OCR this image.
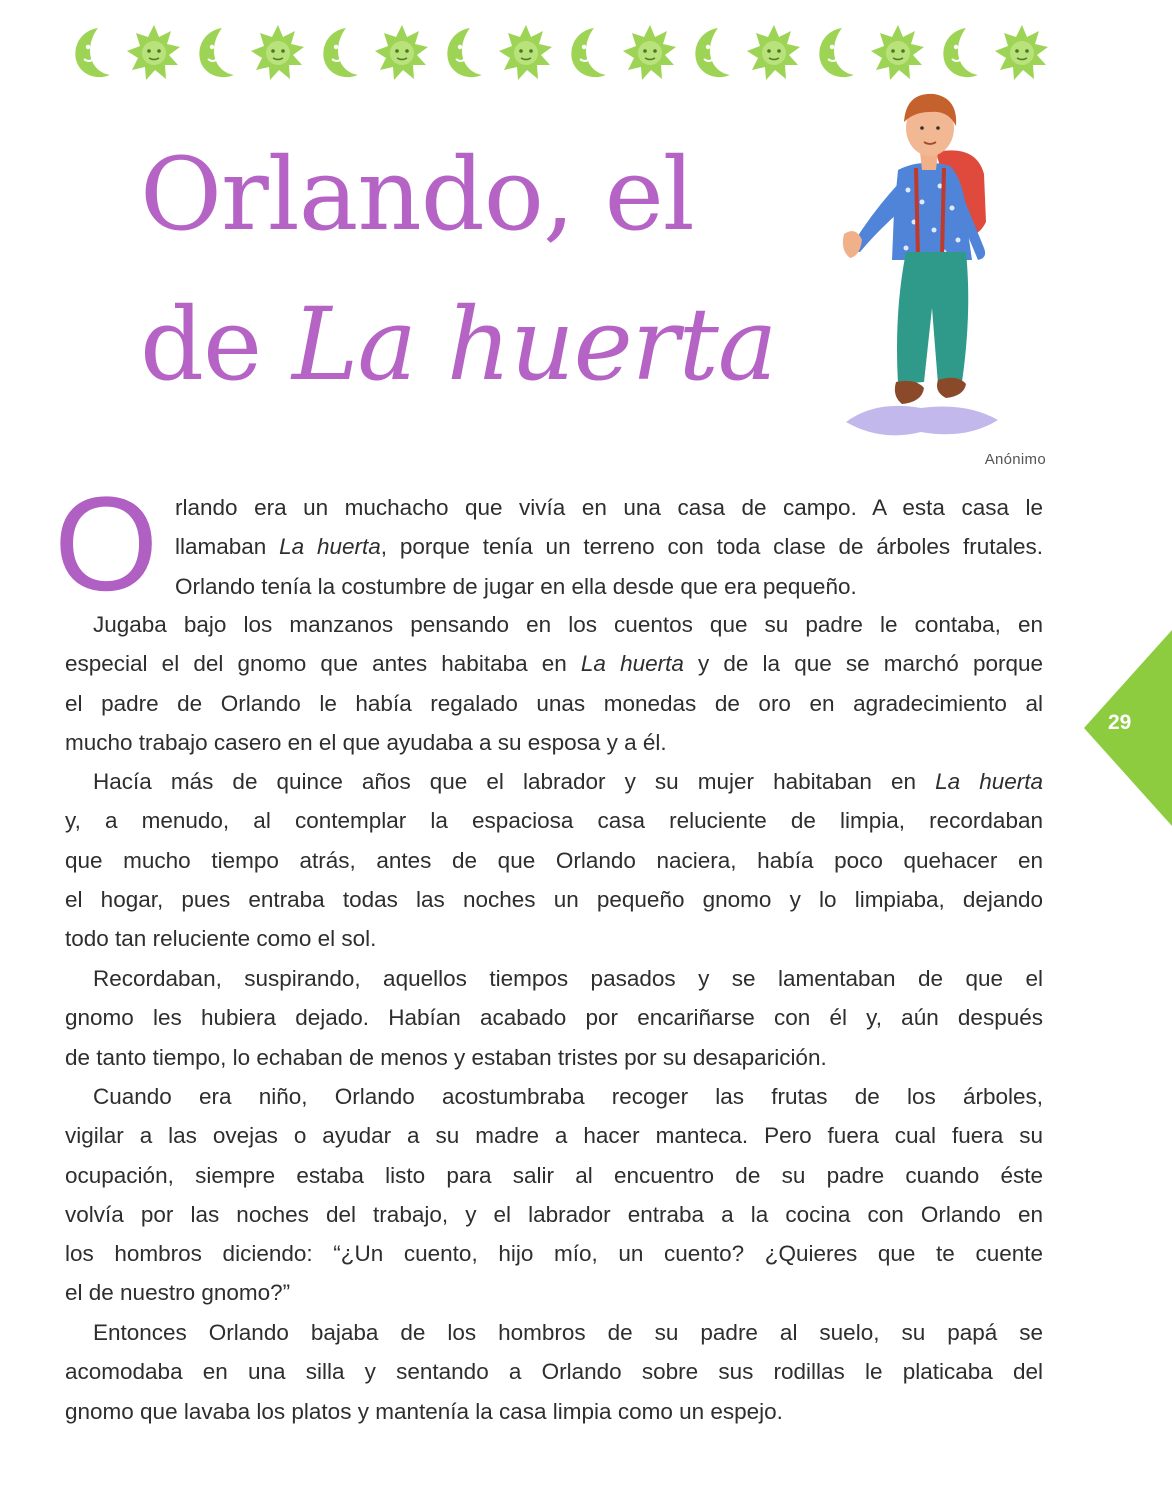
Orlando, el
de La huerta
Anónimo
O rlando era un muchacho que vivía en una casa de campo. A esta casa le
llamaban La huerta, porque tenía un terreno con toda clase de árboles frutales.
Orlando tenía la costumbre de jugar en ella desde que era pequeño.

Jugaba bajo los manzanos pensando en los cuentos que su padre le contaba, en
especial el del gnomo que antes habitaba en La huerta y de la que se marchó porque
el padre de Orlando le había regalado unas monedas de oro en agradecimiento al
mucho trabajo casero en el que ayudaba a su esposa y a él.

Hacía más de quince años que el labrador y su mujer habitaban en La huerta
y, a menudo, al contemplar la espaciosa casa reluciente de limpia, recordaban
que mucho tiempo atrás, antes de que Orlando naciera, había poco quehacer en
el hogar, pues entraba todas las noches un pequeño gnomo y lo limpiaba, dejando
todo tan reluciente como el sol.

Recordaban, suspirando, aquellos tiempos pasados y se lamentaban de que el
gnomo les hubiera dejado. Habían acabado por encariñarse con él y, aún después
de tanto tiempo, lo echaban de menos y estaban tristes por su desaparición.

Cuando era niño, Orlando acostumbraba recoger las frutas de los árboles,
vigilar a las ovejas o ayudar a su madre a hacer manteca. Pero fuera cual fuera su
ocupación, siempre estaba listo para salir al encuentro de su padre cuando éste
volvía por las noches del trabajo, y el labrador entraba a la cocina con Orlando en
los hombros diciendo: “¿Un cuento, hijo mío, un cuento? ¿Quieres que te cuente
el de nuestro gnomo?”

Entonces Orlando bajaba de los hombros de su padre al suelo, su papá se
acomodaba en una silla y sentando a Orlando sobre sus rodillas le platicaba del
gnomo que lavaba los platos y mantenía la casa limpia como un espejo.

29
